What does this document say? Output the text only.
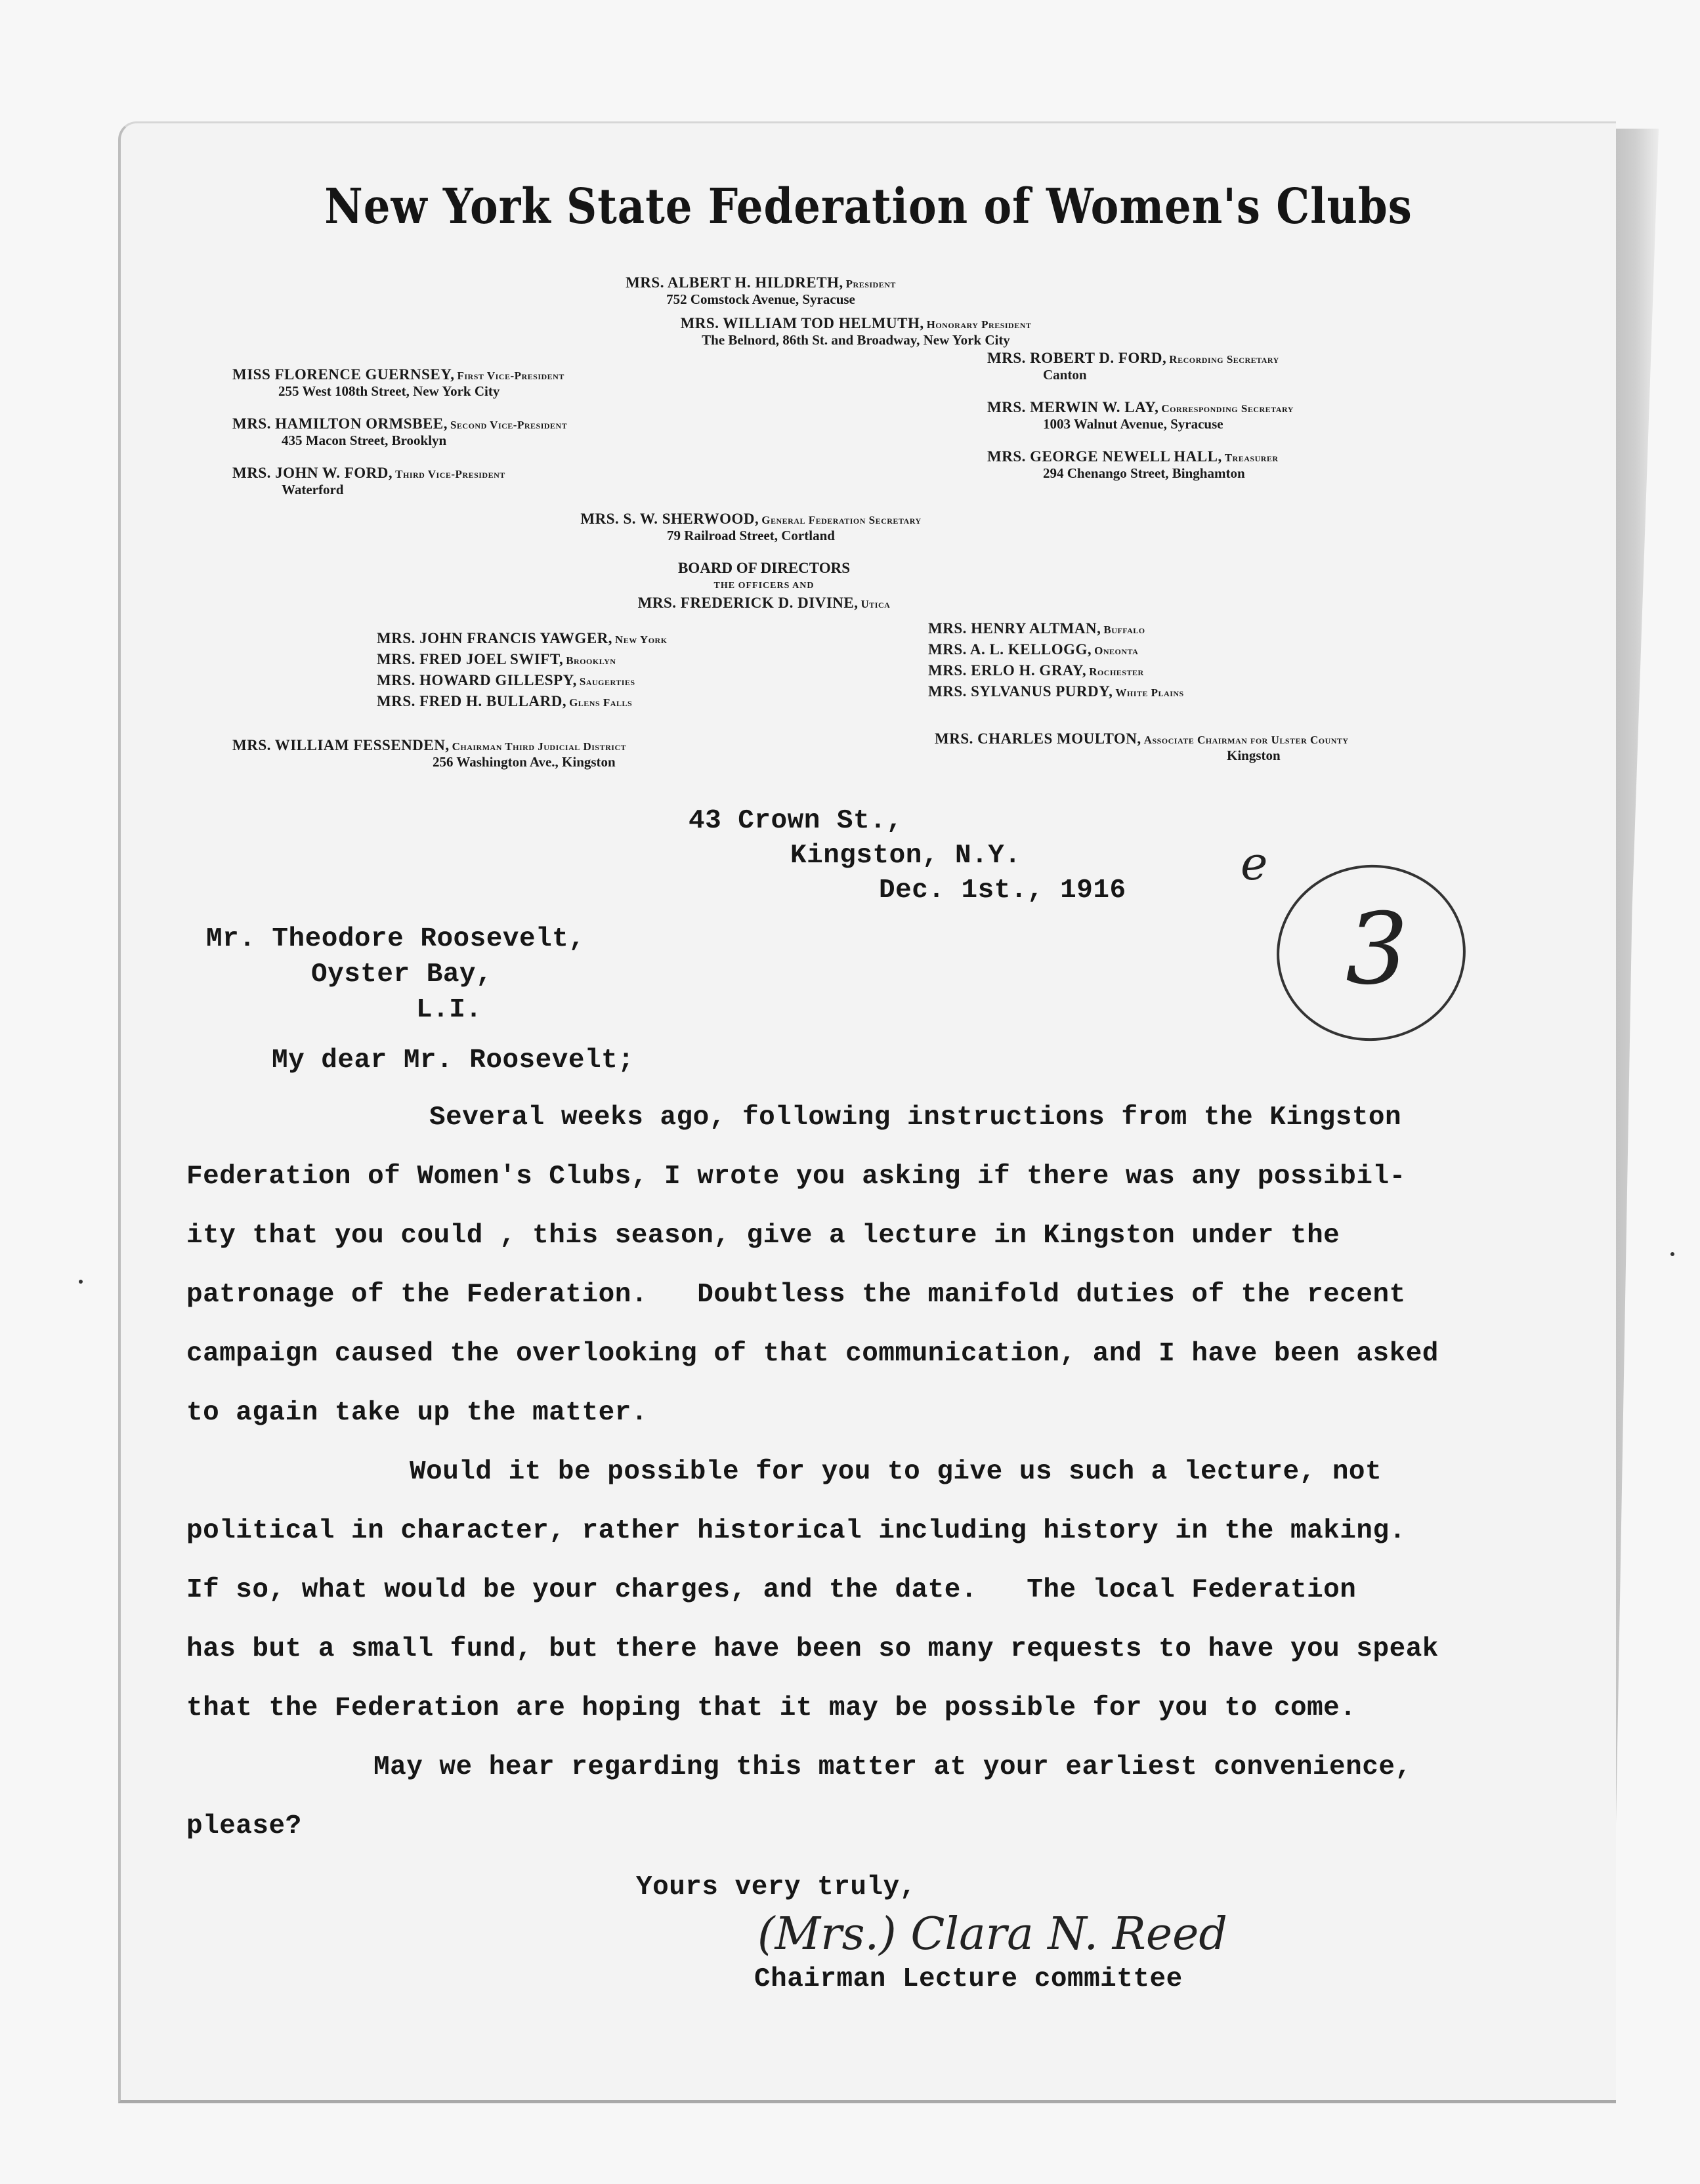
New York State Federation of Women's Clubs
MRS. ALBERT H. HILDRETH, President
752 Comstock Avenue, Syracuse
MRS. WILLIAM TOD HELMUTH, Honorary President
The Belnord, 86th St. and Broadway, New York City
MISS FLORENCE GUERNSEY, First Vice-President
255 West 108th Street, New York City
MRS. HAMILTON ORMSBEE, Second Vice-President
435 Macon Street, Brooklyn
MRS. JOHN W. FORD, Third Vice-President
Waterford
MRS. ROBERT D. FORD, Recording Secretary
Canton
MRS. MERWIN W. LAY, Corresponding Secretary
1003 Walnut Avenue, Syracuse
MRS. GEORGE NEWELL HALL, Treasurer
294 Chenango Street, Binghamton
MRS. S. W. SHERWOOD, General Federation Secretary
79 Railroad Street, Cortland
BOARD OF DIRECTORS
THE OFFICERS AND
MRS. FREDERICK D. DIVINE, Utica
MRS. JOHN FRANCIS YAWGER, New York
MRS. FRED JOEL SWIFT, Brooklyn
MRS. HOWARD GILLESPY, Saugerties
MRS. FRED H. BULLARD, Glens Falls
MRS. HENRY ALTMAN, Buffalo
MRS. A. L. KELLOGG, Oneonta
MRS. ERLO H. GRAY, Rochester
MRS. SYLVANUS PURDY, White Plains
MRS. WILLIAM FESSENDEN, Chairman Third Judicial District
256 Washington Ave., Kingston
MRS. CHARLES MOULTON, Associate Chairman for Ulster County
Kingston
43 Crown St.,
Kingston, N.Y.
Dec. 1st., 1916
Mr. Theodore Roosevelt,
Oyster Bay,
L.I.
My dear Mr. Roosevelt;
Several weeks ago, following instructions from the Kingston
Federation of Women's Clubs, I wrote you asking if there was any possibil-
ity that you could , this season, give a lecture in Kingston under the
patronage of the Federation.   Doubtless the manifold duties of the recent
campaign caused the overlooking of that communication, and I have been asked
to again take up the matter.
Would it be possible for you to give us such a lecture, not
political in character, rather historical including history in the making.
If so, what would be your charges, and the date.   The local Federation
has but a small fund, but there have been so many requests to have you speak
that the Federation are hoping that it may be possible for you to come.
May we hear regarding this matter at your earliest convenience,
please?
Yours very truly,
(Mrs.) Clara N. Reed
Chairman Lecture committee
e
3
